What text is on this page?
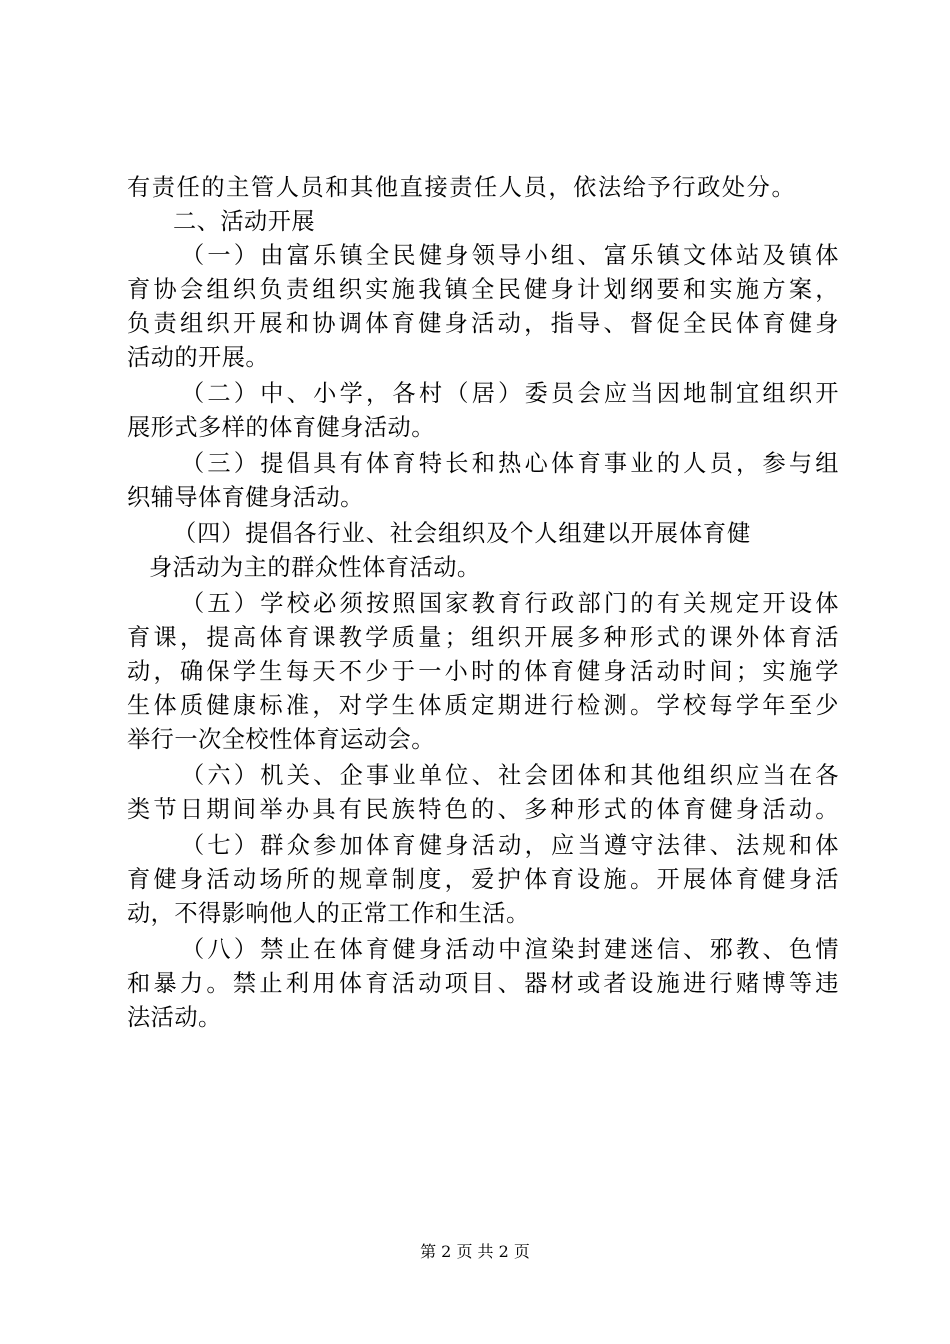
有责任的主管人员和其他直接责任人员，依法给予行政处分。
二、活动开展
（一）由富乐镇全民健身领导小组、富乐镇文体站及镇体
育协会组织负责组织实施我镇全民健身计划纲要和实施方案，
负责组织开展和协调体育健身活动，指导、督促全民体育健身
活动的开展。
（二）中、小学，各村（居）委员会应当因地制宜组织开
展形式多样的体育健身活动。
（三）提倡具有体育特长和热心体育事业的人员，参与组
织辅导体育健身活动。
（四）提倡各行业、社会组织及个人组建以开展体育健
身活动为主的群众性体育活动。
（五）学校必须按照国家教育行政部门的有关规定开设体
育课，提高体育课教学质量；组织开展多种形式的课外体育活
动，确保学生每天不少于一小时的体育健身活动时间；实施学
生体质健康标准，对学生体质定期进行检测。学校每学年至少
举行一次全校性体育运动会。
（六）机关、企事业单位、社会团体和其他组织应当在各
类节日期间举办具有民族特色的、多种形式的体育健身活动。
（七）群众参加体育健身活动，应当遵守法律、法规和体
育健身活动场所的规章制度，爱护体育设施。开展体育健身活
动，不得影响他人的正常工作和生活。
（八）禁止在体育健身活动中渲染封建迷信、邪教、色情
和暴力。禁止利用体育活动项目、器材或者设施进行赌博等违
法活动。
第 2 页 共 2 页
